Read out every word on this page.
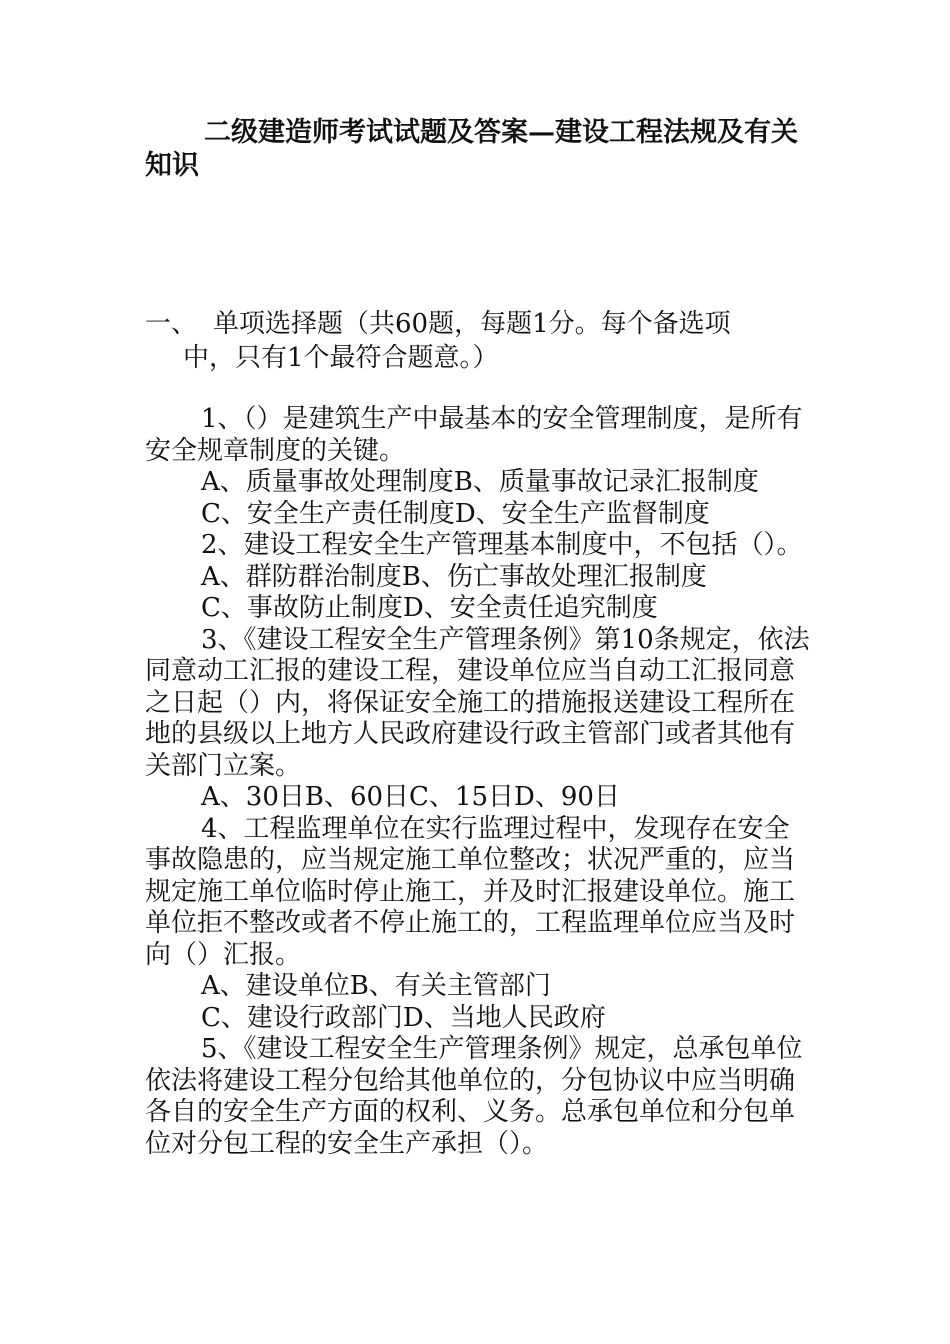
二级建造师考试试题及答案—建设工程法规及有关知识
一、 单项选择题（共60题，每题1分。每个备选项
中，只有1个最符合题意。）

1、（）是建筑生产中最基本的安全管理制度，是所有安全规章制度的关键。

A、质量事故处理制度B、质量事故记录汇报制度

C、安全生产责任制度D、安全生产监督制度

2、建设工程安全生产管理基本制度中，不包括（）。

A、群防群治制度B、伤亡事故处理汇报制度

C、事故防止制度D、安全责任追究制度

3、《建设工程安全生产管理条例》第10条规定，依法同意动工汇报的建设工程，建设单位应当自动工汇报同意之日起（）内，将保证安全施工的措施报送建设工程所在地的县级以上地方人民政府建设行政主管部门或者其他有关部门立案。

A、30日B、60日C、15日D、90日

4、工程监理单位在实行监理过程中，发现存在安全事故隐患的，应当规定施工单位整改；状况严重的，应当规定施工单位临时停止施工，并及时汇报建设单位。施工单位拒不整改或者不停止施工的，工程监理单位应当及时向（）汇报。

A、建设单位B、有关主管部门

C、建设行政部门D、当地人民政府

5、《建设工程安全生产管理条例》规定，总承包单位依法将建设工程分包给其他单位的，分包协议中应当明确各自的安全生产方面的权利、义务。总承包单位和分包单位对分包工程的安全生产承担（）。
